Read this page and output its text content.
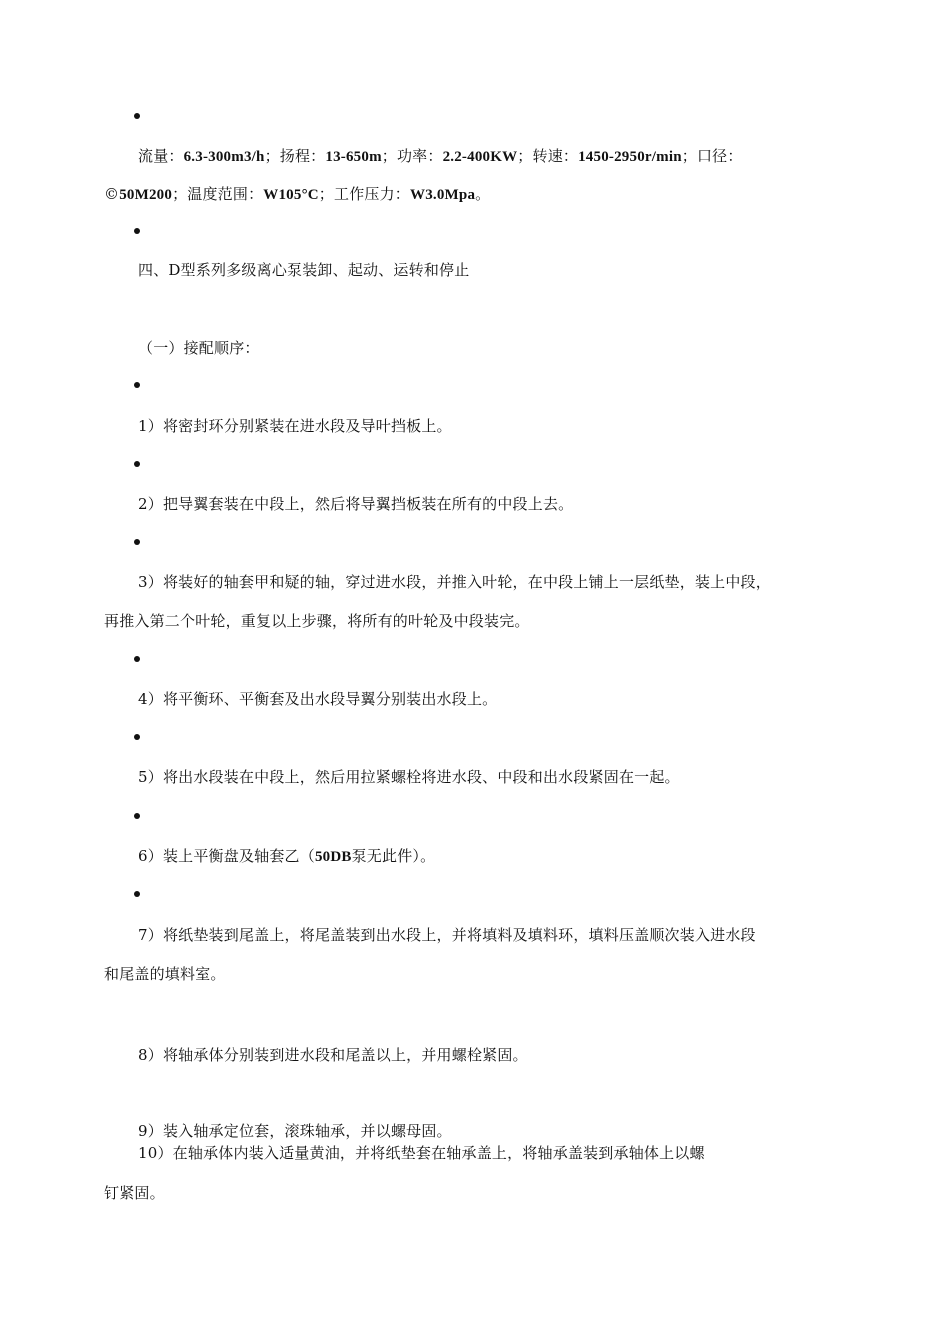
流量：6.3-300m3/h；扬程：13-650m；功率：2.2-400KW；转速：1450-2950r/min；口径：
©50M200；温度范围：W105°C；工作压力：W3.0Mpa。
四、D型系列多级离心泵装卸、起动、运转和停止
（一）接配顺序：
1）将密封环分别紧装在进水段及导叶挡板上。
2）把导翼套装在中段上，然后将导翼挡板装在所有的中段上去。
3）将装好的轴套甲和疑的轴，穿过进水段，并推入叶轮，在中段上铺上一层纸垫，装上中段，
再推入第二个叶轮，重复以上步骤，将所有的叶轮及中段装完。
4）将平衡环、平衡套及出水段导翼分别装出水段上。
5）将出水段装在中段上，然后用拉紧螺栓将进水段、中段和出水段紧固在一起。
6）装上平衡盘及轴套乙（50DB泵无此件）。
7）将纸垫装到尾盖上，将尾盖装到出水段上，并将填料及填料环，填料压盖顺次装入进水段
和尾盖的填料室。
8）将轴承体分别装到进水段和尾盖以上，并用螺栓紧固。
9）装入轴承定位套，滚珠轴承，并以螺母固。
10）在轴承体内装入适量黄油，并将纸垫套在轴承盖上，将轴承盖装到承轴体上以螺
钉紧固。
